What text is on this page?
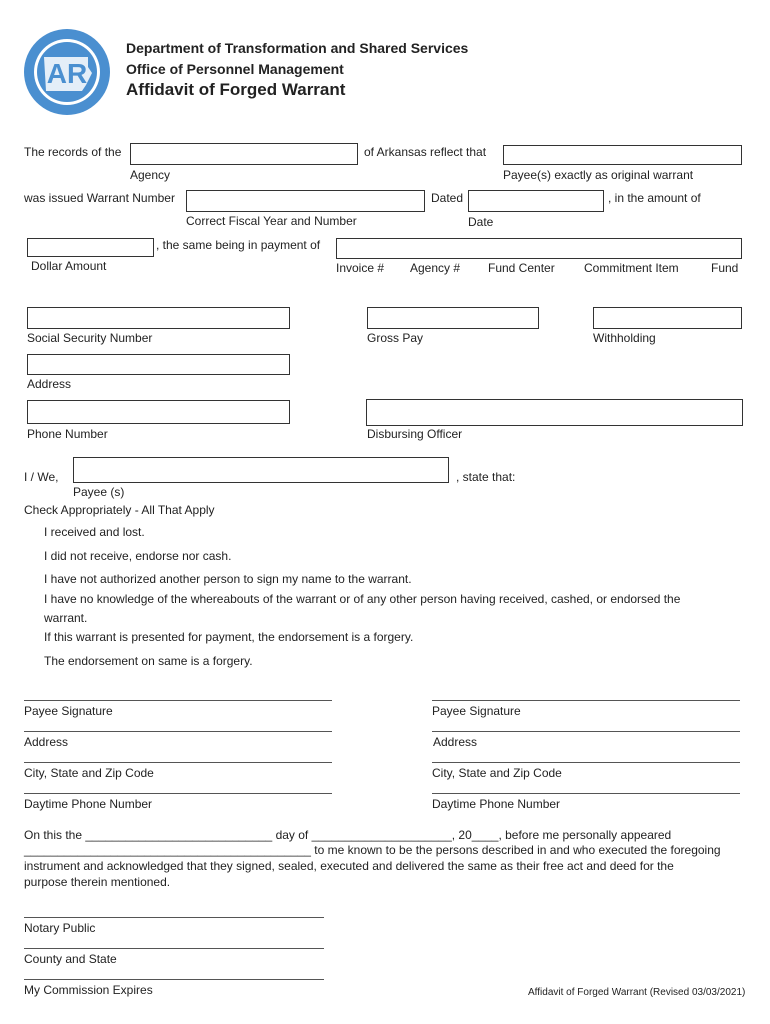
AR
Department of Transformation and Shared Services
Office of Personnel Management
Affidavit of Forged Warrant
The records of the	of Arkansas reflect that
Agency	Payee(s) exactly as original warrant
was issued Warrant Number	Dated	, in the amount of
Correct Fiscal Year and Number	Date
, the same being in payment of
Dollar Amount	Invoice # Agency # Fund Center Commitment Item	Fund
Social Security Number	Gross Pay	Withholding
Address
Phone Number	Disbursing Officer
I / We,	, state that:
Payee (s)
Check Appropriately - All That Apply
I received and lost.
I did not receive, endorse nor cash.
I have not authorized another person to sign my name to the warrant.
I have no knowledge of the whereabouts of the warrant or of any other person having received, cashed, or endorsed the
warrant.
If this warrant is presented for payment, the endorsement is a forgery.
The endorsement on same is a forgery.
Payee Signature
Address
City, State and Zip Code
Daytime Phone Number
Payee Signature
Address
City, State and Zip Code
Daytime Phone Number
On this the ____________________________ day of _____________________, 20____, before me personally appeared
___________________________________________ to me known to be the persons described in and who executed the foregoing
instrument and acknowledged that they signed, sealed, executed and delivered the same as their free act and deed for the
purpose therein mentioned.
Notary Public
County and State
My Commission Expires	Affidavit of Forged Warrant (Revised 03/03/2021)
